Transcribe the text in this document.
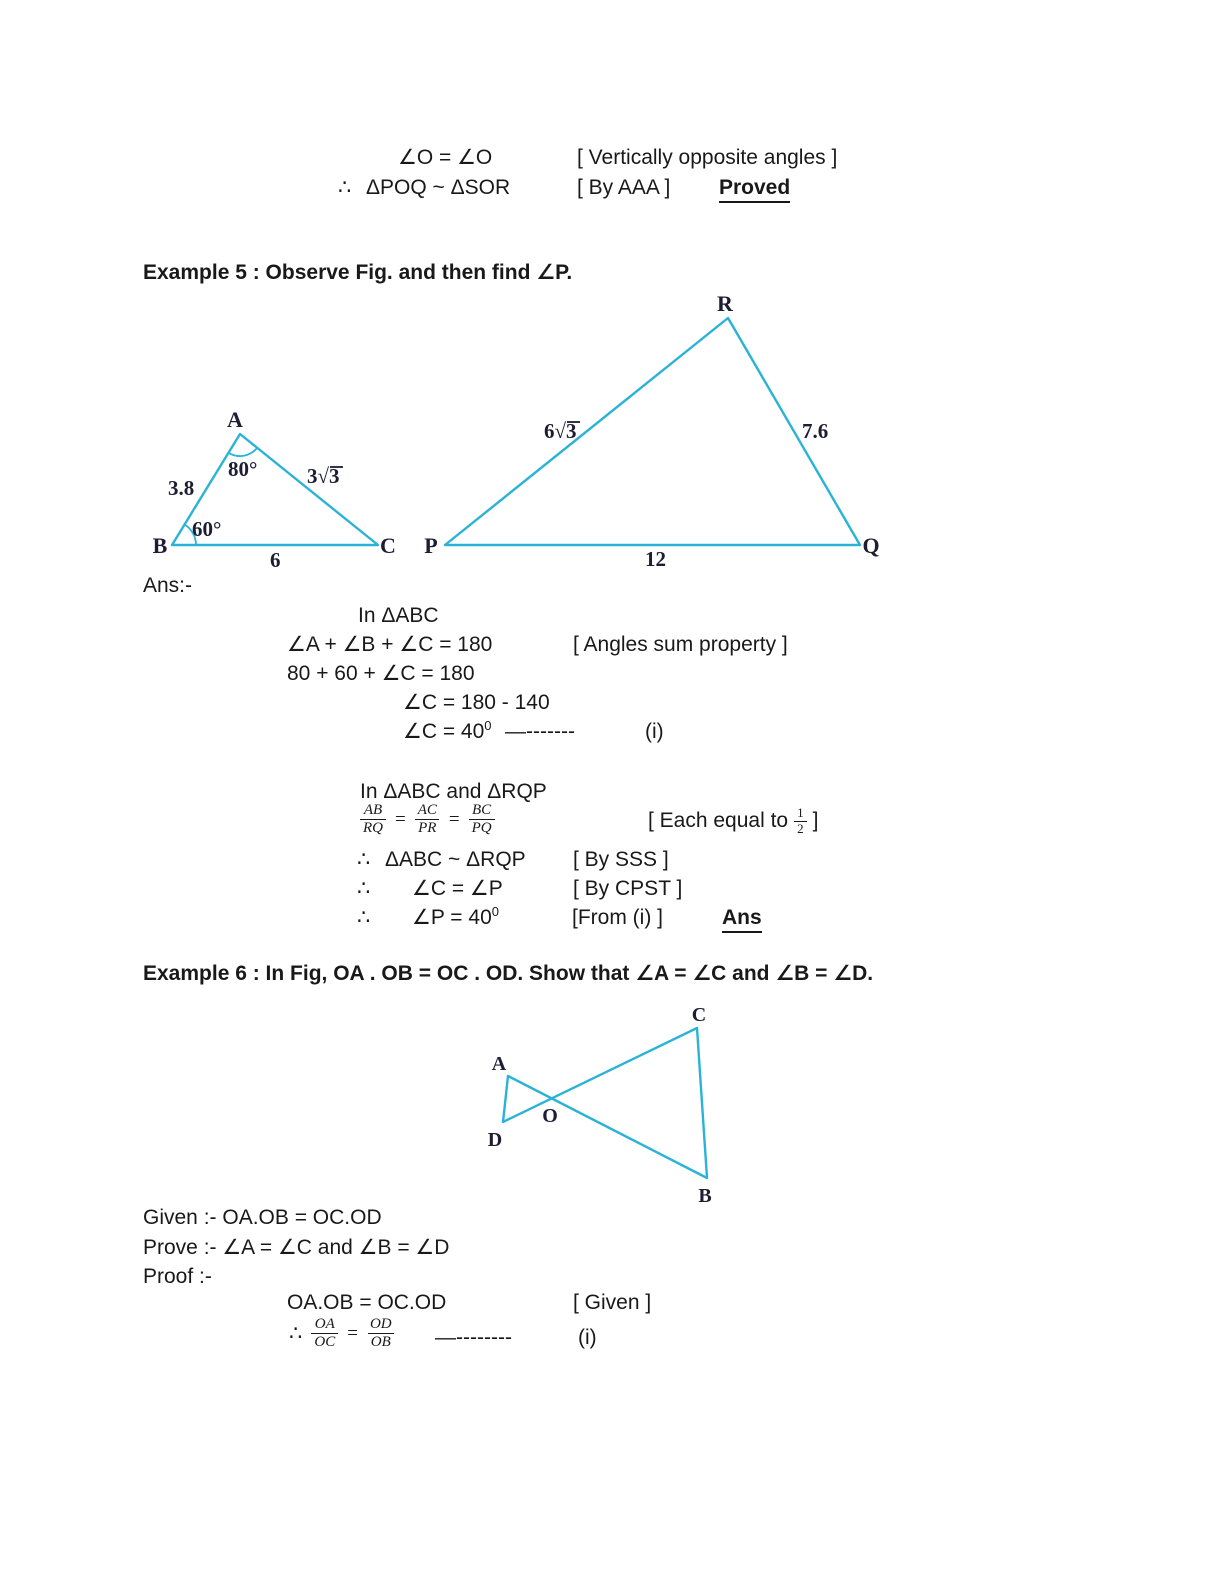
∠O = ∠O	[ Vertically opposite angles ]
∴ ΔPOQ ~ ΔSOR	[ By AAA ] Proved
Example 5 : Observe Fig. and then find ∠P.
A
B	C
80°
60°
3.8	3√3
6
R
P	Q
6√3	7.6
12
Ans:-
In ΔABC
∠A + ∠B + ∠C = 180	[ Angles sum property ]
80 + 60 + ∠C = 180
∠C = 180 - 140
∠C = $40^0$ —-------	(i)
In ΔABC and ΔRQP
$\frac{AB}{RQ} = \frac{AC}{PR} = \frac{BC}{PQ}$	[ Each equal to $\frac{1}{2}$ ]
∴ ΔABC ~ ΔRQP [ By SSS ]
∴ ∠C = ∠P	[ By CPST ]
∴ ∠P = $40^0$	[From (i) ]	Ans
Example 6 : In Fig, OA . OB = OC . OD. Show that ∠A = ∠C and ∠B = ∠D.
A
D
O
C
B
Given :- OA.OB = OC.OD
Prove :- ∠A = ∠C and ∠B = ∠D
Proof :-
OA.OB = OC.OD	[ Given ]
∴ $\frac{OA}{OC} = \frac{OD}{OB}$ —--------	(i)
